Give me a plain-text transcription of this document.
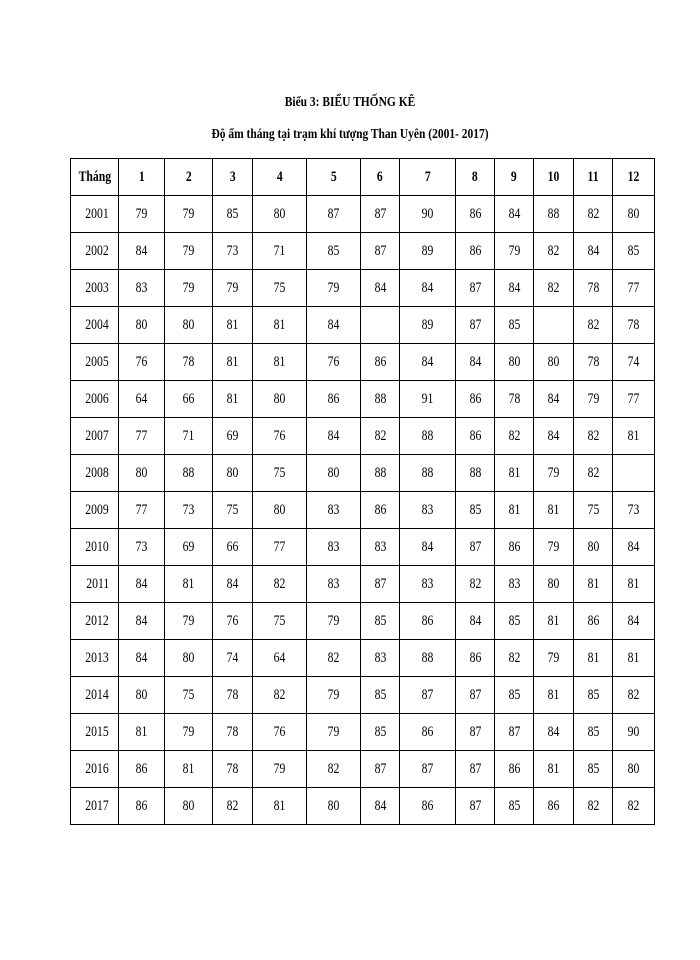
Biểu 3: BIỂU THỐNG KÊ
Độ ẩm tháng tại trạm khí tượng Than Uyên (2001- 2017)
Tháng	1	2	3	4	5	6	7	8	9	10	11	12
2001	79	79	85	80	87	87	90	86	84	88	82	80
2002	84	79	73	71	85	87	89	86	79	82	84	85
2003	83	79	79	75	79	84	84	87	84	82	78	77
2004	80	80	81	81	84		89	87	85		82	78
2005	76	78	81	81	76	86	84	84	80	80	78	74
2006	64	66	81	80	86	88	91	86	78	84	79	77
2007	77	71	69	76	84	82	88	86	82	84	82	81
2008	80	88	80	75	80	88	88	88	81	79	82	
2009	77	73	75	80	83	86	83	85	81	81	75	73
2010	73	69	66	77	83	83	84	87	86	79	80	84
2011	84	81	84	82	83	87	83	82	83	80	81	81
2012	84	79	76	75	79	85	86	84	85	81	86	84
2013	84	80	74	64	82	83	88	86	82	79	81	81
2014	80	75	78	82	79	85	87	87	85	81	85	82
2015	81	79	78	76	79	85	86	87	87	84	85	90
2016	86	81	78	79	82	87	87	87	86	81	85	80
2017	86	80	82	81	80	84	86	87	85	86	82	82
